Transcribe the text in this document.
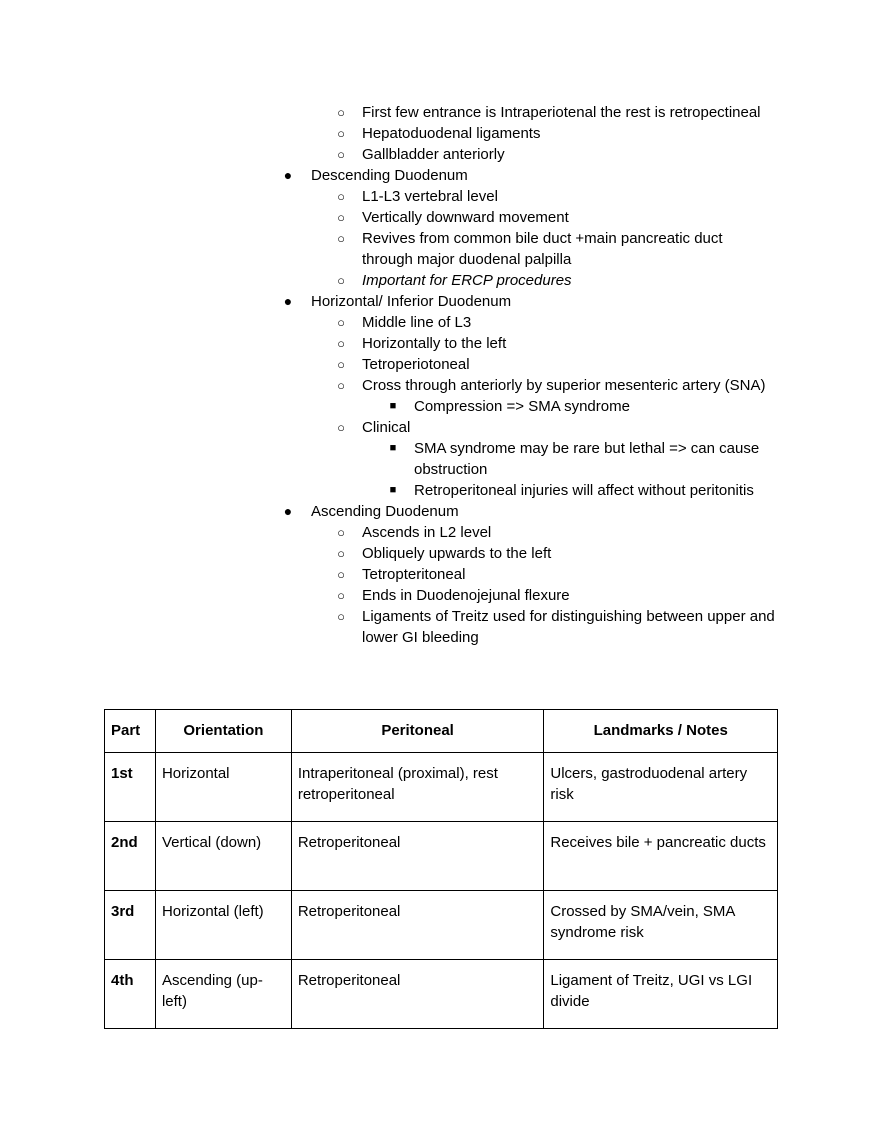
○ First few entrance is Intraperiotenal the rest is retropectineal
○ Hepatoduodenal ligaments
○ Gallbladder anteriorly
● Descending Duodenum
○ L1-L3 vertebral level
○ Vertically downward movement
○ Revives from common bile duct +main pancreatic duct through major duodenal palpilla
○ Important for ERCP procedures
● Horizontal/ Inferior Duodenum
○ Middle line of L3
○ Horizontally to the left
○ Tetroperiotoneal
○ Cross through anteriorly by superior mesenteric artery (SNA)
■ Compression => SMA syndrome
○ Clinical
■ SMA syndrome may be rare but lethal => can cause obstruction
■ Retroperitoneal injuries will affect without peritonitis
● Ascending Duodenum
○ Ascends in L2 level
○ Obliquely upwards to the left
○ Tetropteritoneal
○ Ends in Duodenojejunal flexure
○ Ligaments of Treitz used for distinguishing between upper and lower GI bleeding
Part	Orientation	Peritoneal	Landmarks / Notes
1st	Horizontal	Intraperitoneal (proximal), rest retroperitoneal	Ulcers, gastroduodenal artery risk
2nd	Vertical (down)	Retroperitoneal	Receives bile + pancreatic ducts
3rd	Horizontal (left)	Retroperitoneal	Crossed by SMA/vein, SMA syndrome risk
4th	Ascending (up-left)	Retroperitoneal	Ligament of Treitz, UGI vs LGI divide
